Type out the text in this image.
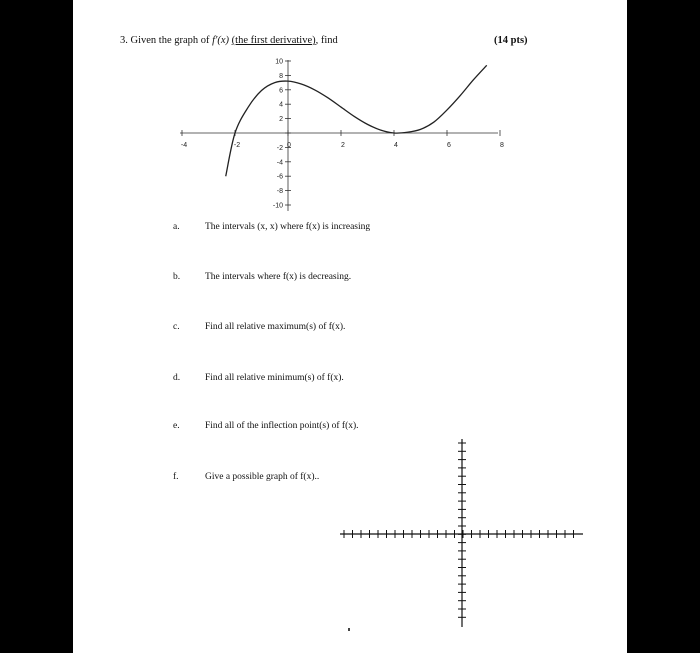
3. Given the graph of f′(x) (the first derivative), find	(14 pts)
-4	-2	0	2	4	6	8
-10
-8
-6
-4
-2
2
4
6
8
10
a.	The intervals (x, x) where f(x) is increasing
b.	The intervals where f(x) is decreasing.
c.	Find all relative maximum(s) of f(x).
d.	Find all relative minimum(s) of f(x).
e.	Find all of the inflection point(s) of f(x).
f.	Give a possible graph of f(x)..
